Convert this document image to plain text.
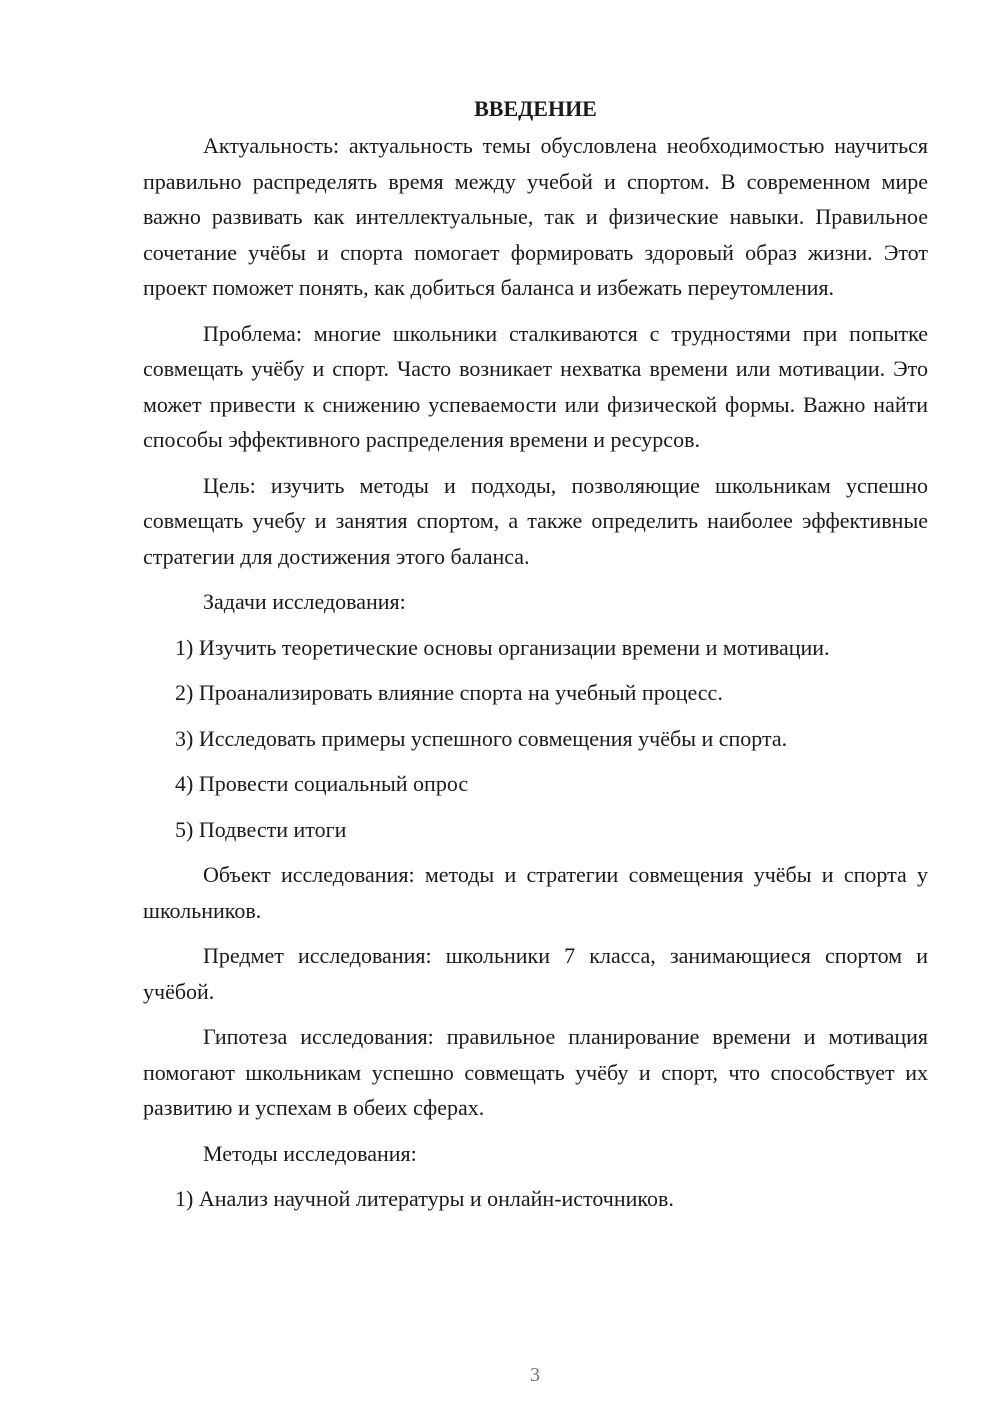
ВВЕДЕНИЕ

Актуальность: актуальность темы обусловлена необходимостью научиться правильно распределять время между учебой и спортом. В современном мире важно развивать как интеллектуальные, так и физические навыки. Правильное сочетание учёбы и спорта помогает формировать здоровый образ жизни. Этот проект поможет понять, как добиться баланса и избежать переутомления.

Проблема: многие школьники сталкиваются с трудностями при попытке совмещать учёбу и спорт. Часто возникает нехватка времени или мотивации. Это может привести к снижению успеваемости или физической формы. Важно найти способы эффективного распределения времени и ресурсов.

Цель: изучить методы и подходы, позволяющие школьникам успешно совмещать учебу и занятия спортом, а также определить наиболее эффективные стратегии для достижения этого баланса.

Задачи исследования:

1) Изучить теоретические основы организации времени и мотивации.
2) Проанализировать влияние спорта на учебный процесс.
3) Исследовать примеры успешного совмещения учёбы и спорта.
4) Провести социальный опрос
5) Подвести итоги

Объект исследования: методы и стратегии совмещения учёбы и спорта у школьников.

Предмет исследования: школьники 7 класса, занимающиеся спортом и учёбой.

Гипотеза исследования: правильное планирование времени и мотивация помогают школьникам успешно совмещать учёбу и спорт, что способствует их развитию и успехам в обеих сферах.

Методы исследования:

1) Анализ научной литературы и онлайн-источников.
3
